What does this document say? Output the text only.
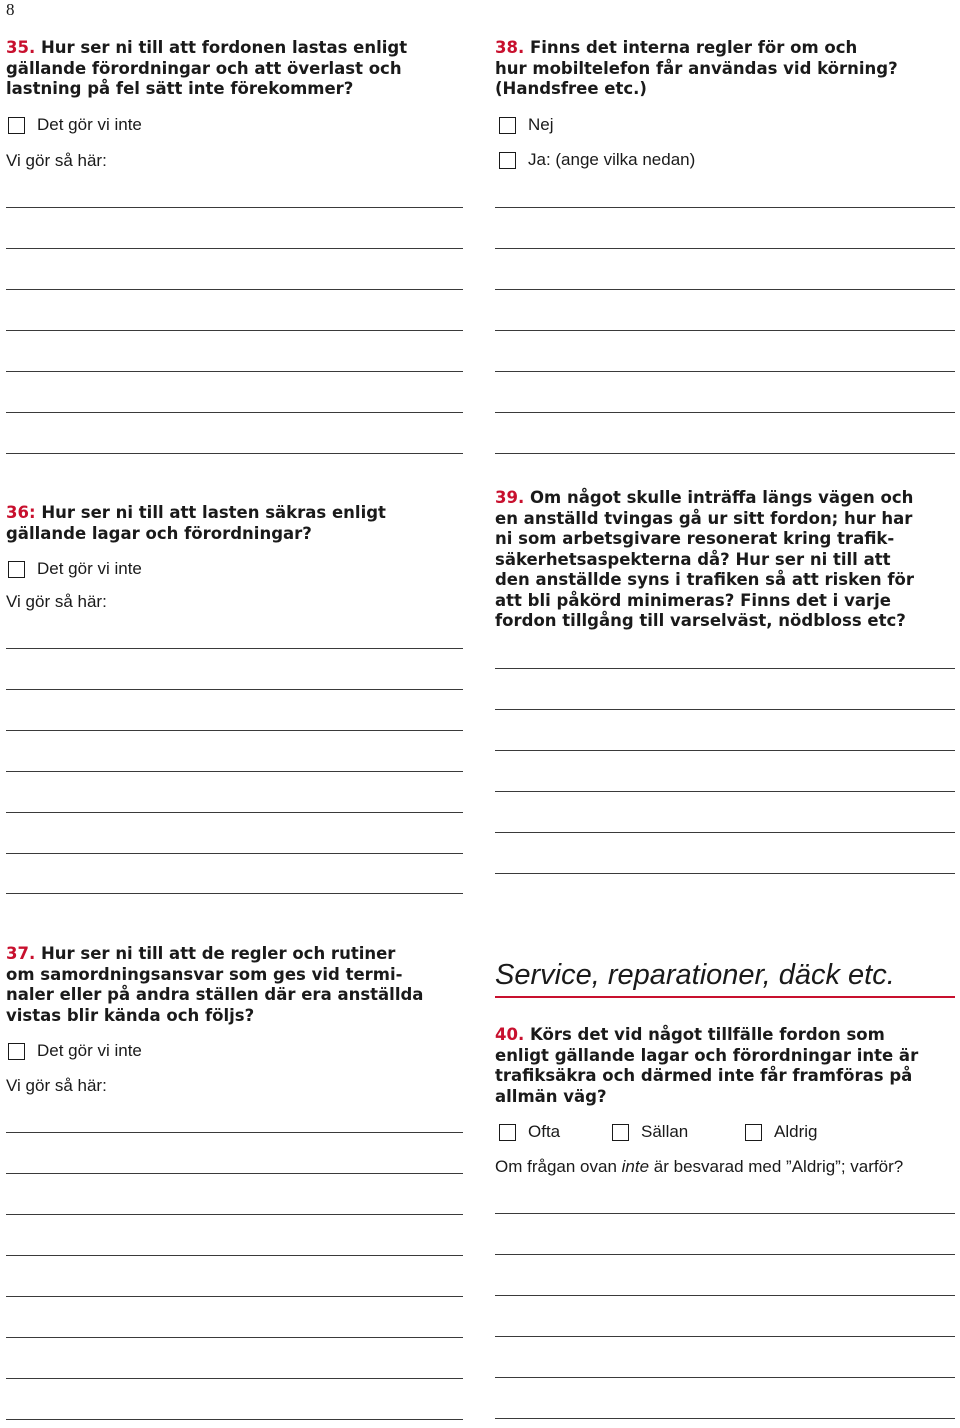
8
35. Hur ser ni till att fordonen lastas enligt
gällande förordningar och att överlast och
lastning på fel sätt inte förekommer?
Det gör vi inte
Vi gör så här:
38. Finns det interna regler för om och
hur mobiltelefon får användas vid körning?
(Handsfree etc.)
Nej
Ja: (ange vilka nedan)
36: Hur ser ni till att lasten säkras enligt
gällande lagar och förordningar?
Det gör vi inte
Vi gör så här:
39. Om något skulle inträffa längs vägen och
en anställd tvingas gå ur sitt fordon; hur har
ni som arbetsgivare resonerat kring trafik-
säkerhetsaspekterna då? Hur ser ni till att
den anställde syns i trafiken så att risken för
att bli påkörd minimeras? Finns det i varje
fordon tillgång till varselväst, nödbloss etc?
37. Hur ser ni till att de regler och rutiner
om samordningsansvar som ges vid termi-
naler eller på andra ställen där era anställda
vistas blir kända och följs?
Det gör vi inte
Vi gör så här:
Service, reparationer, däck etc.
40. Körs det vid något tillfälle fordon som
enligt gällande lagar och förordningar inte är
trafiksäkra och därmed inte får framföras på
allmän väg?
Ofta	Sällan	Aldrig
Om frågan ovan inte är besvarad med ”Aldrig”; varför?
